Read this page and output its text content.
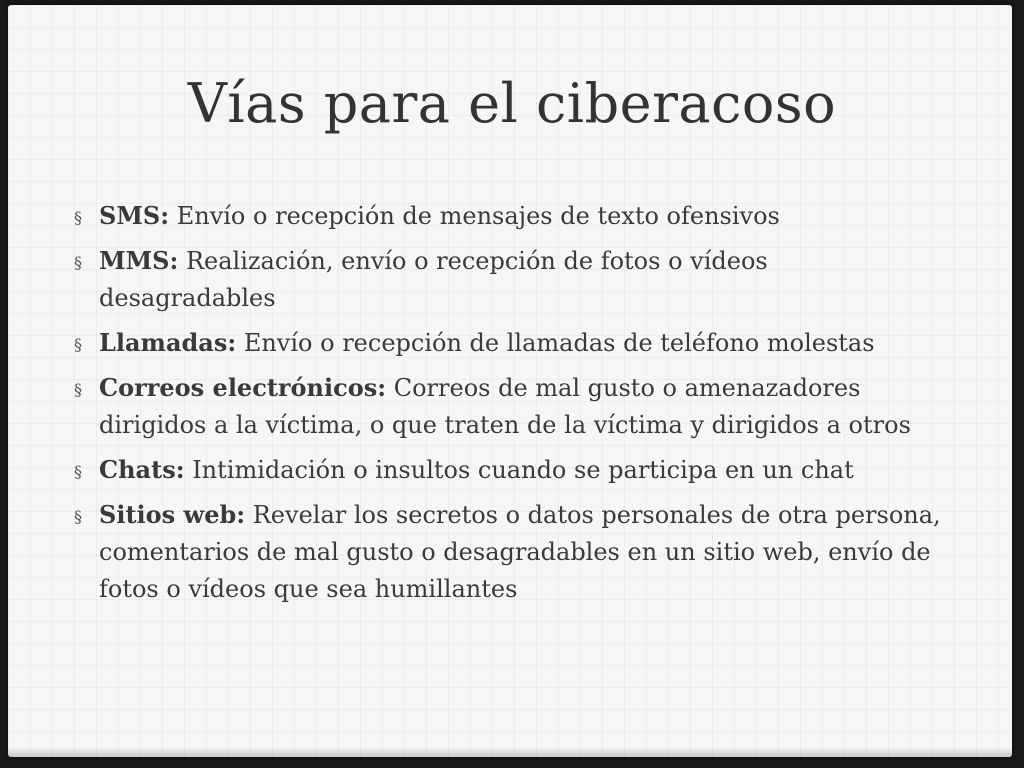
Vías para el ciberacoso
§ SMS: Envío o recepción de mensajes de texto ofensivos
§ MMS: Realización, envío o recepción de fotos o vídeos desagradables
§ Llamadas: Envío o recepción de llamadas de teléfono molestas
§ Correos electrónicos: Correos de mal gusto o amenazadores dirigidos a la víctima, o que traten de la víctima y dirigidos a otros
§ Chats: Intimidación o insultos cuando se participa en un chat
§ Sitios web: Revelar los secretos o datos personales de otra persona, comentarios de mal gusto o desagradables en un sitio web, envío de fotos o vídeos que sea humillantes
